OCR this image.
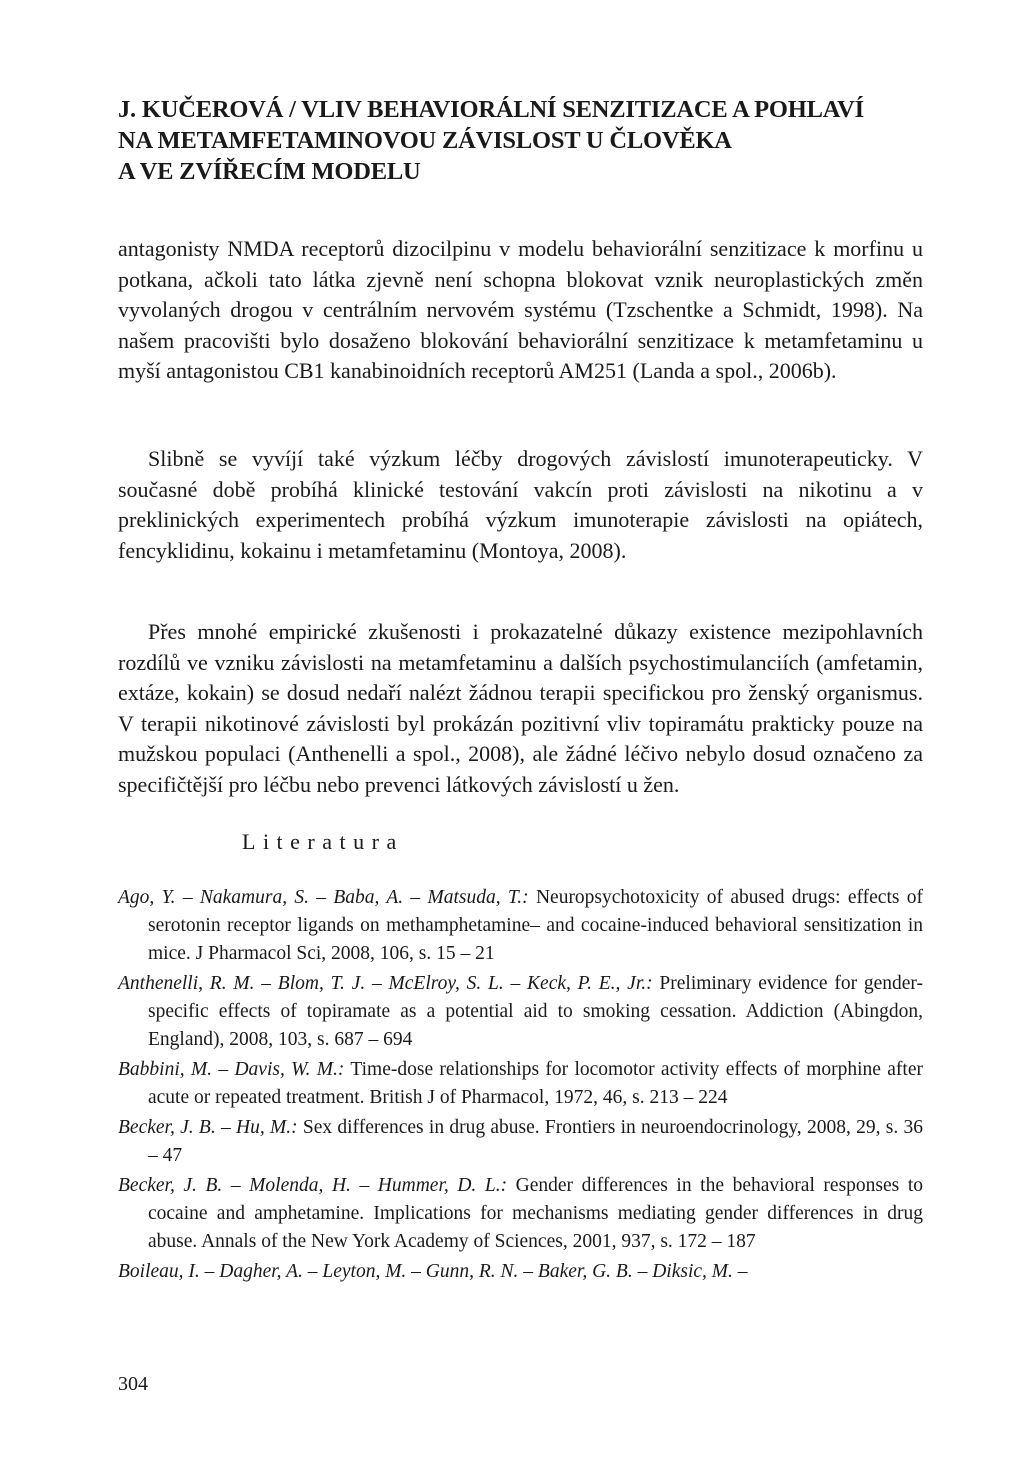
J. KUČEROVÁ / VLIV BEHAVIORÁLNÍ SENZITIZACE A POHLAVÍ
NA METAMFETAMINOVOU ZÁVISLOST U ČLOVĚKA
A VE ZVÍŘECÍM MODELU

antagonisty NMDA receptorů dizocilpinu v modelu behaviorální senzitizace k morfinu u potkana, ačkoli tato látka zjevně není schopna blokovat vznik neuroplastických změn vyvolaných drogou v centrálním nervovém systému (Tzschentke a Schmidt, 1998). Na našem pracovišti bylo dosaženo blokování behaviorální senzitizace k metamfetaminu u myší antagonistou CB1 kanabinoidních receptorů AM251 (Landa a spol., 2006b).

Slibně se vyvíjí také výzkum léčby drogových závislostí imunoterapeuticky. V současné době probíhá klinické testování vakcín proti závislosti na nikotinu a v preklinických experimentech probíhá výzkum imunoterapie závislosti na opiátech, fencyklidinu, kokainu i metamfetaminu (Montoya, 2008).

Přes mnohé empirické zkušenosti i prokazatelné důkazy existence mezipohlavních rozdílů ve vzniku závislosti na metamfetaminu a dalších psychostimulanciích (amfetamin, extáze, kokain) se dosud nedaří nalézt žádnou terapii specifickou pro ženský organismus. V terapii nikotinové závislosti byl prokázán pozitivní vliv topiramátu prakticky pouze na mužskou populaci (Anthenelli a spol., 2008), ale žádné léčivo nebylo dosud označeno za specifičtější pro léčbu nebo prevenci látkových závislostí u žen.

Literatura

Ago, Y. – Nakamura, S. – Baba, A. – Matsuda, T.: Neuropsychotoxicity of abused drugs: effects of serotonin receptor ligands on methamphetamine– and cocaine-induced behavioral sensitization in mice. J Pharmacol Sci, 2008, 106, s. 15 – 21

Anthenelli, R. M. – Blom, T. J. – McElroy, S. L. – Keck, P. E., Jr.: Preliminary evidence for gender-specific effects of topiramate as a potential aid to smoking cessation. Addiction (Abingdon, England), 2008, 103, s. 687 – 694

Babbini, M. – Davis, W. M.: Time-dose relationships for locomotor activity effects of morphine after acute or repeated treatment. British J of Pharmacol, 1972, 46, s. 213 – 224

Becker, J. B. – Hu, M.: Sex differences in drug abuse. Frontiers in neuroendocrinology, 2008, 29, s. 36 – 47

Becker, J. B. – Molenda, H. – Hummer, D. L.: Gender differences in the behavioral responses to cocaine and amphetamine. Implications for mechanisms mediating gender differences in drug abuse. Annals of the New York Academy of Sciences, 2001, 937, s. 172 – 187

Boileau, I. – Dagher, A. – Leyton, M. – Gunn, R. N. – Baker, G. B. – Diksic, M. –

304
